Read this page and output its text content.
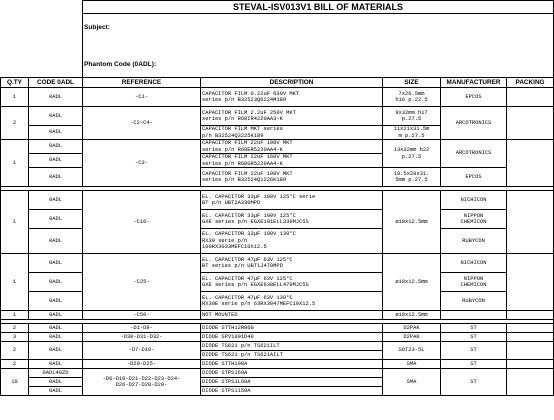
		STEVAL-ISV013V1 BILL OF MATERIALS				

		Subject:

Phantom Code (0ADL):				

Q.TY	CODE 0ADL	REFERENCE	DESCRIPTION	SIZE	MANUFACTURER	PACKING
1	0ADL	-C1-	CAPACITOR FILM 0.22uF 630V MKT
series p/n B32523Q6224M189	7x26.5mm
h16 p.22.5	EPCOS	
2	0ADL	-C2-C4-	CAPACITOR FILM 2.2uF 250V MKT
series p/n R60IR4220AA3-K	9x32mm h17
p.27.5	ARCOTRONICS	
	0ADL		CAPACITOR FILM MKT series
p/n B32524Q3225K189	11x21x31.5m
m p.27.5		
1	0ADL	-C3-	CAPACITOR FILM 22uF 100V MKT
series p/n R60ER5220AA4-K	13x32mm h22
p.27.5	ARCOTRONICS	
	0ADL		CAPACITOR FILM 22uF 160V MKT
series p/n R60GR5220AA4-K			
	0ADL		CAPACITOR FILM 22uF 100V MKT
series p/n B32524Q1226K189	19.5x28x31.
5mm p.27.5	EPCOS	

1	0ADL	-C16-	EL. CAPACITOR 33µF 100V 125°C serie
BT p/n UBT2A330MPD	ø10x12.5mm	NICHICON	
	0ADL		EL. CAPACITOR 33µF 100V 125°C
GXE series p/n EGXE101ELL330MJC5S		NIPPON
CHEMICON	
	0ADL		EL. CAPACITOR 33µF 100V 130°C
RX30 serie p/n
100RX3033MEFC10X12.5		RUBYCON	
1	0ADL	-C25-	EL. CAPACITOR 47µF 63V 125°C
BT series p/n UBT1J470MPD	ø10x12.5mm	NICHICON	
	0ADL		EL. CAPACITOR 47µF 63V 125°C
GXE series p/n EGXE630ELL470MJC5S		NIPPON
CHEMICON	
	0ADL		EL. CAPACITOR 47µF 63V 130°C
RX30E serie p/n 63RX3047MEFC10X12.5		RUBYCON	
1	0ADL	-C50-	NOT MOUNTED	ø10x12.5mm		

2	0ADL	-D1-D9-	DIODE STTH12R06G	D2PAK	ST	
3	0ADL	-D30-D31-D32-	DIODE SPV1001D40	D2PAK	ST	
2	0ADL	-D7-D19-	DIODE TS621 p/n TS621ILT	SOT23-5L	ST	
			DIODE TS621 p/n TS621AILT			
2	0ADL	-D20-D25-	DIODE STTH108A	SMA	ST	
10	0ADL40ZD	-D6-D18-D21-D22-D23-D24-
D26-D27-D28-D29-	DIODE STPS160A	SMA	ST	
	0ADL		DIODE STPS1L60A			
	0ADL		DIODE STPS1150A			
